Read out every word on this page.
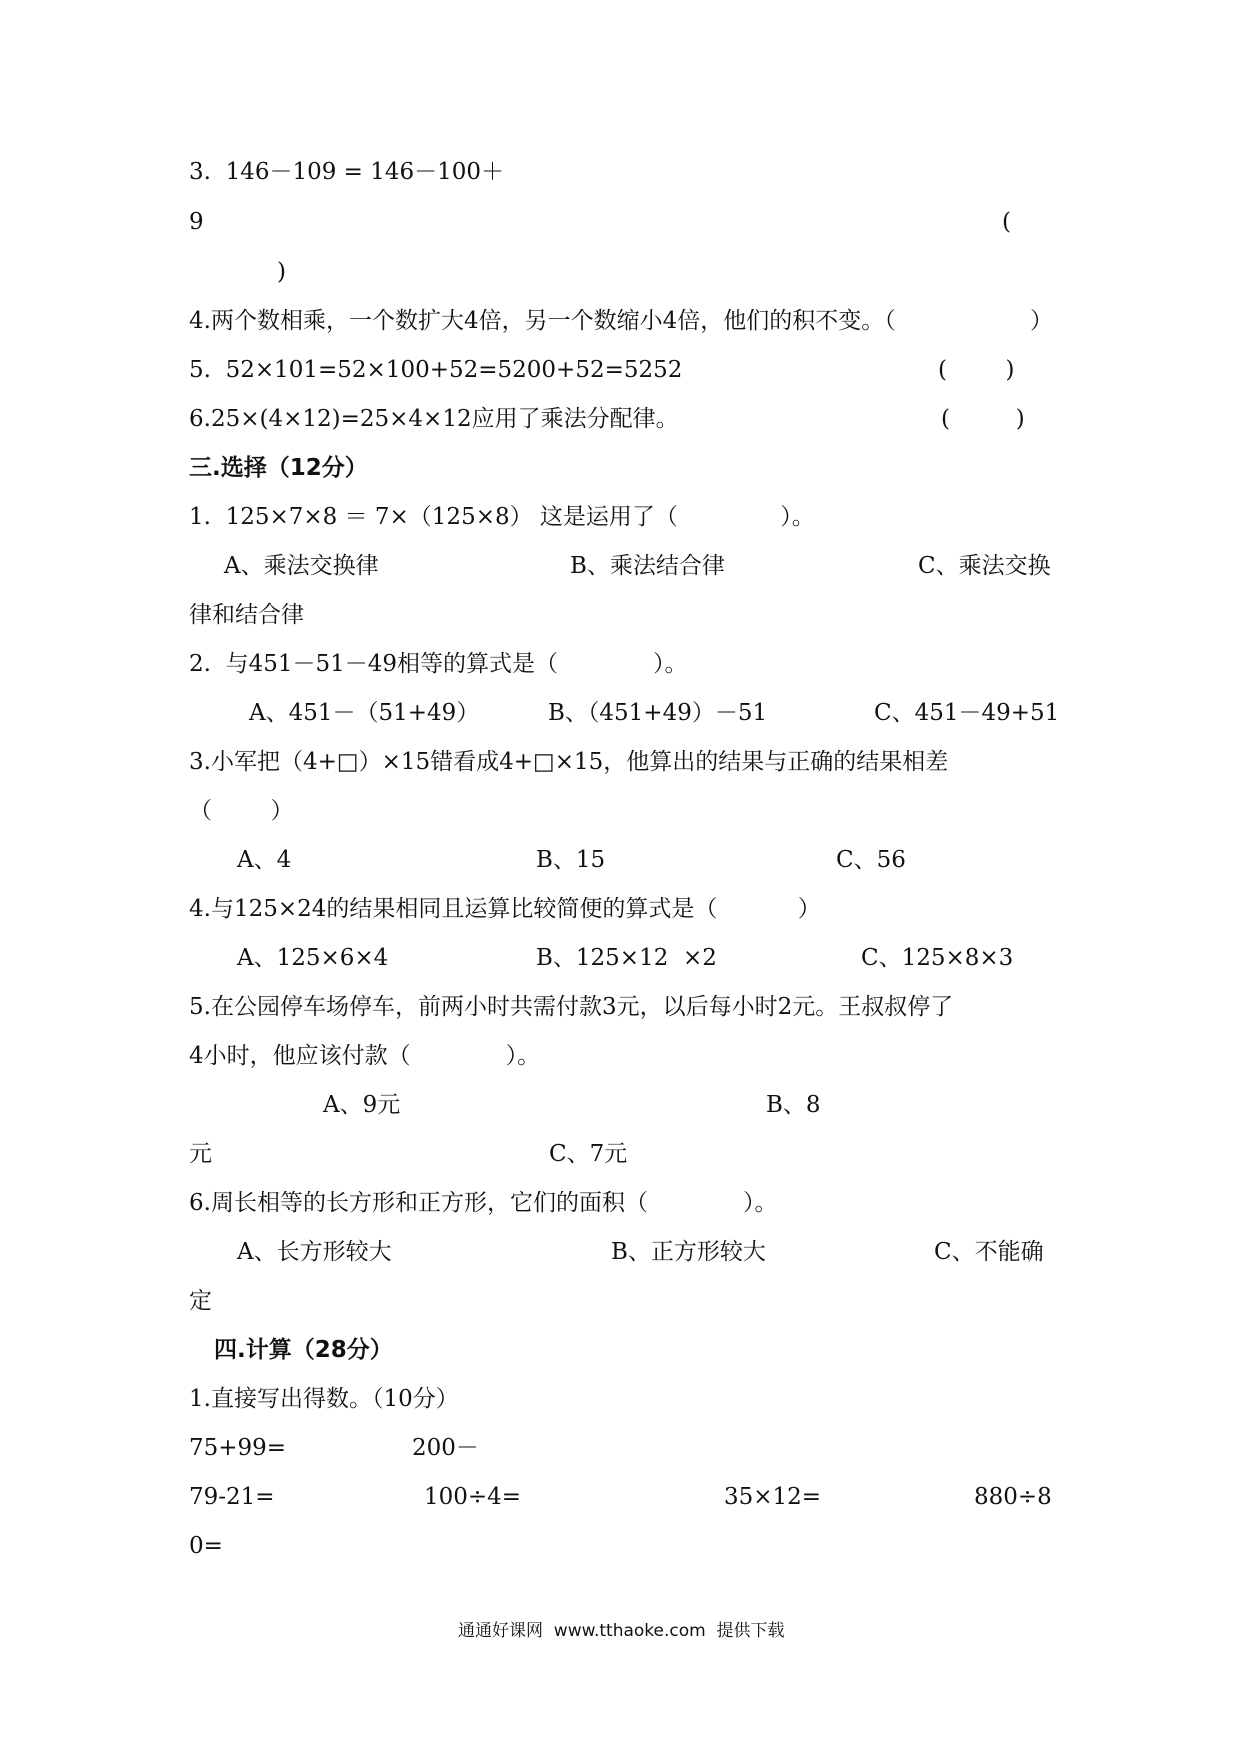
3.  146－109 = 146－100＋
9	(
)
4.两个数相乘，一个数扩大4倍，另一个数缩小4倍，他们的积不变。（	）
5.  52×101=52×100+52=5200+52=5252	(        )
6.25×(4×12)=25×4×12应用了乘法分配律。	(         )
三.选择（12分）
1.  125×7×8 ＝ 7×（125×8） 这是运用了（              ）。
A、乘法交换律	B、乘法结合律	C、乘法交换
律和结合律
2.  与451－51－49相等的算式是（             ）。
A、451－（51+49）	B、（451+49）－51	C、451－49+51
3.小军把（4+□）×15错看成4+□×15，他算出的结果与正确的结果相差
（        ）
A、4	B、15	C、56
4.与125×24的结果相同且运算比较简便的算式是（           ）
A、125×6×4	B、125×12  ×2	C、125×8×3
5.在公园停车场停车，前两小时共需付款3元，以后每小时2元。王叔叔停了
4小时，他应该付款（             ）。
A、9元	B、8
元	C、7元
6.周长相等的长方形和正方形，它们的面积（             ）。
A、长方形较大	B、正方形较大	C、不能确
定
四.计算（28分）
1.直接写出得数。（10分）
75+99=	200－
79-21=	100÷4=	35×12=	880÷8
0=
通通好课网  www.tthaoke.com  提供下载
